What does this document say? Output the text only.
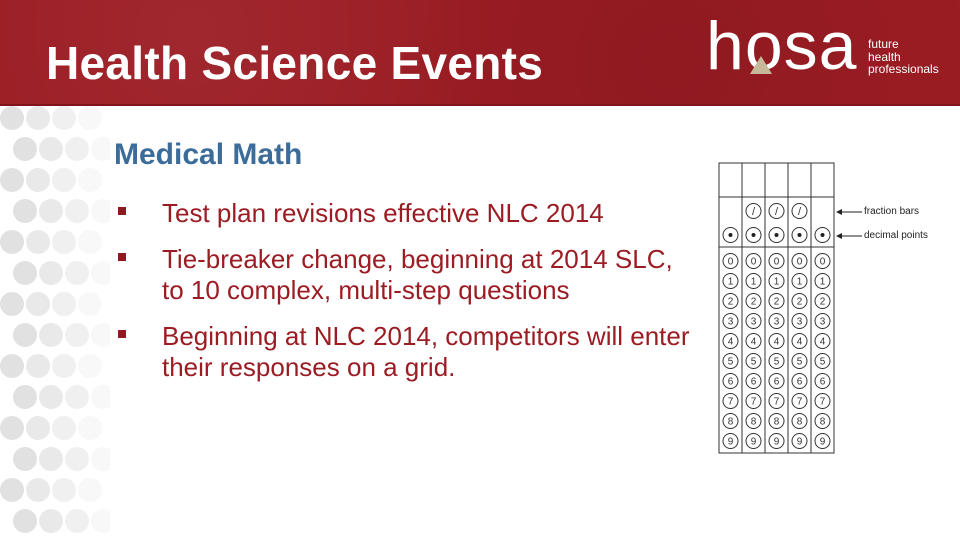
Health Science Events hosa future
health
professionals
Medical Math
Test plan revisions effective NLC 2014
Tie-breaker change, beginning at 2014 SLC, to 10 complex, multi-step questions
Beginning at NLC 2014, competitors will enter their responses on a grid.
0
1
2
3
4
5
6
7
8
9
/
0
1
2
3
4
5
6
7
8
9
/
0
1
2
3
4
5
6
7
8
9
/
0
1
2
3
4
5
6
7
8
9
0
1
2
3
4
5
6
7
8
9
fraction bars
decimal points
